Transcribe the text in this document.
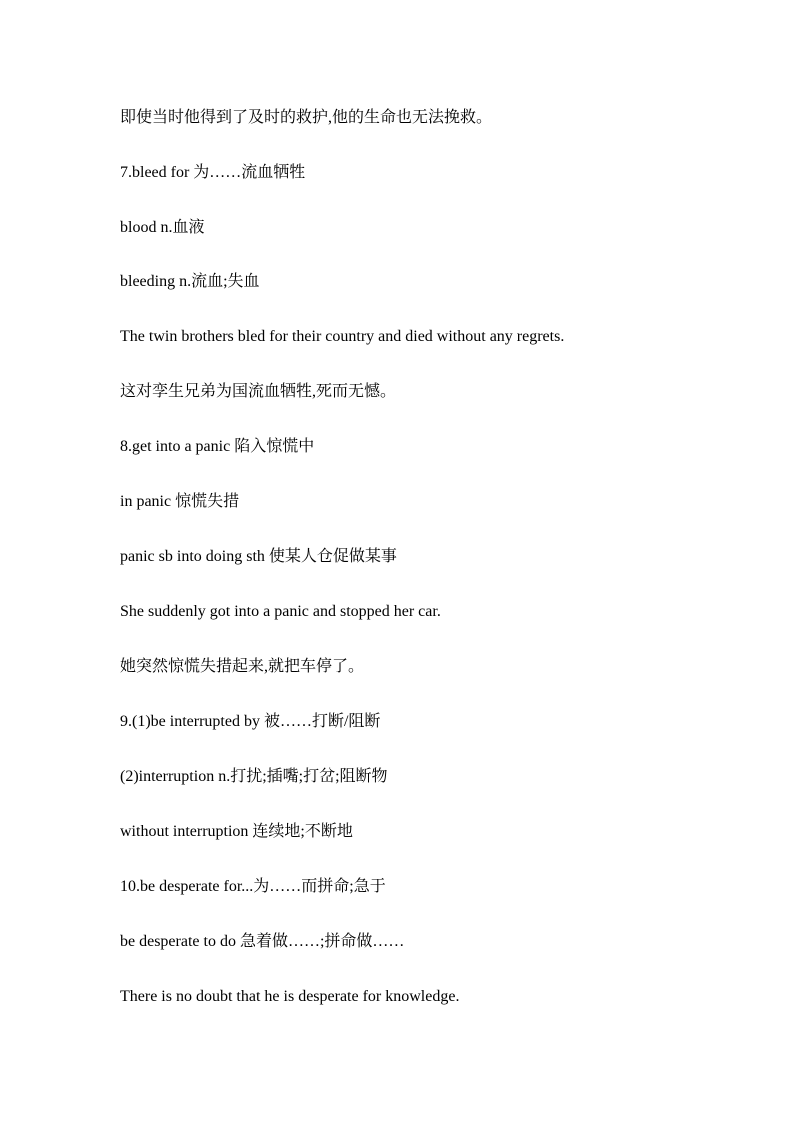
即使当时他得到了及时的救护,他的生命也无法挽救。

7.bleed for 为……流血牺牲

blood n.血液

bleeding n.流血;失血

The twin brothers bled for their country and died without any regrets.

这对孪生兄弟为国流血牺牲,死而无憾。

8.get into a panic 陷入惊慌中

in panic 惊慌失措

panic sb into doing sth 使某人仓促做某事

She suddenly got into a panic and stopped her car.

她突然惊慌失措起来,就把车停了。

9.(1)be interrupted by 被……打断/阻断

(2)interruption n.打扰;插嘴;打岔;阻断物

without interruption 连续地;不断地

10.be desperate for...为……而拼命;急于

be desperate to do 急着做……;拼命做……

There is no doubt that he is desperate for knowledge.
